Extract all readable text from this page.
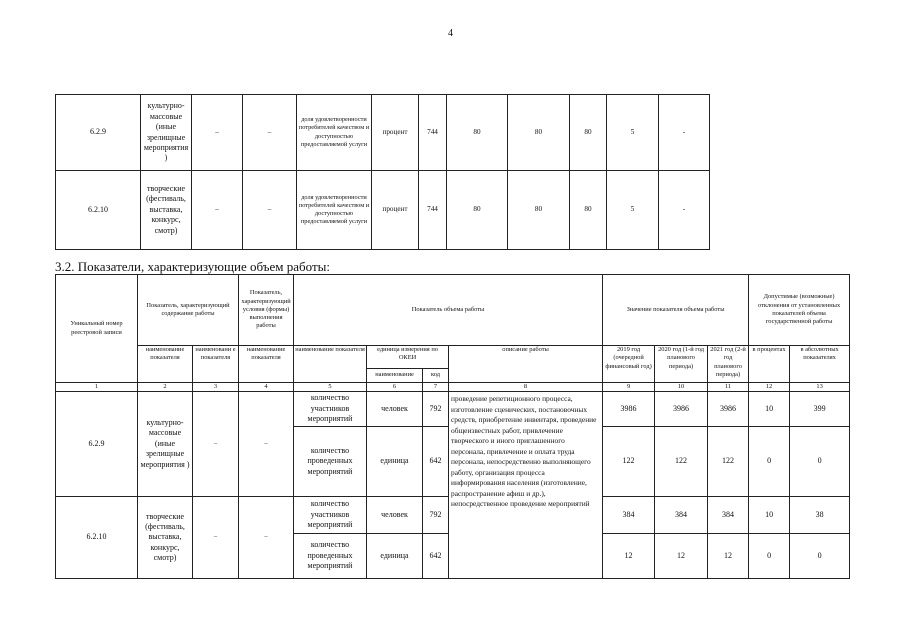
4
6.2.9	культурно-массовые (иные зрелищные мероприятия )	–	–	доля удовлетворенности потребителей качеством и доступностью предоставляемой услуги	процент	744	80	80	80	5	-
6.2.10	творческие (фестиваль, выставка, конкурс, смотр)	–	–	доля удовлетворенности потребителей качеством и доступностью предоставляемой услуги	процент	744	80	80	80	5	-
3.2. Показатели, характеризующие объем работы:
Уникальный номер реестровой записи	Показатель, характеризующий содержание работы		Показатель, характеризующий условия (формы) выполнения работы	Показатель объема работы				Значение показателя объема работы			Допустимые (возможные) отклонения от установленных показателей объема государственной работы	
	наименование показателя	наименовани е показателя	наименование показателя	наименование показателя	единица измерения по ОКЕИ		описание работы	2019 год (очередной финансовый год)	2020 год (1-й год планового периода)	2021 год (2-й год планового периода)	в процентах	в абсолютных показателях
					наименование	код						
1	2	3	4	5	6	7	8	9	10	11	12	13
6.2.9	культурно-массовые (иные зрелищные мероприятия )	–	–	количество участников мероприятий	человек	792	проведение репетиционного процесса, изготовление сценических, постановочных средств, приобретение инвентаря, проведение общеизвестных работ, привлечение творческого и иного приглашенного персонала, привлечение и оплата труда персонала, непосредственно выполняющего работу, организация процесса информирования населения (изготовление, распространение афиш и др.), непосредственное проведение мероприятий	3986	3986	3986	10	399
				количество проведенных мероприятий	единица	642		122	122	122	0	0
6.2.10	творческие (фестиваль, выставка, конкурс, смотр)	–	–	количество участников мероприятий	человек	792		384	384	384	10	38
				количество проведенных мероприятий	единица	642		12	12	12	0	0
